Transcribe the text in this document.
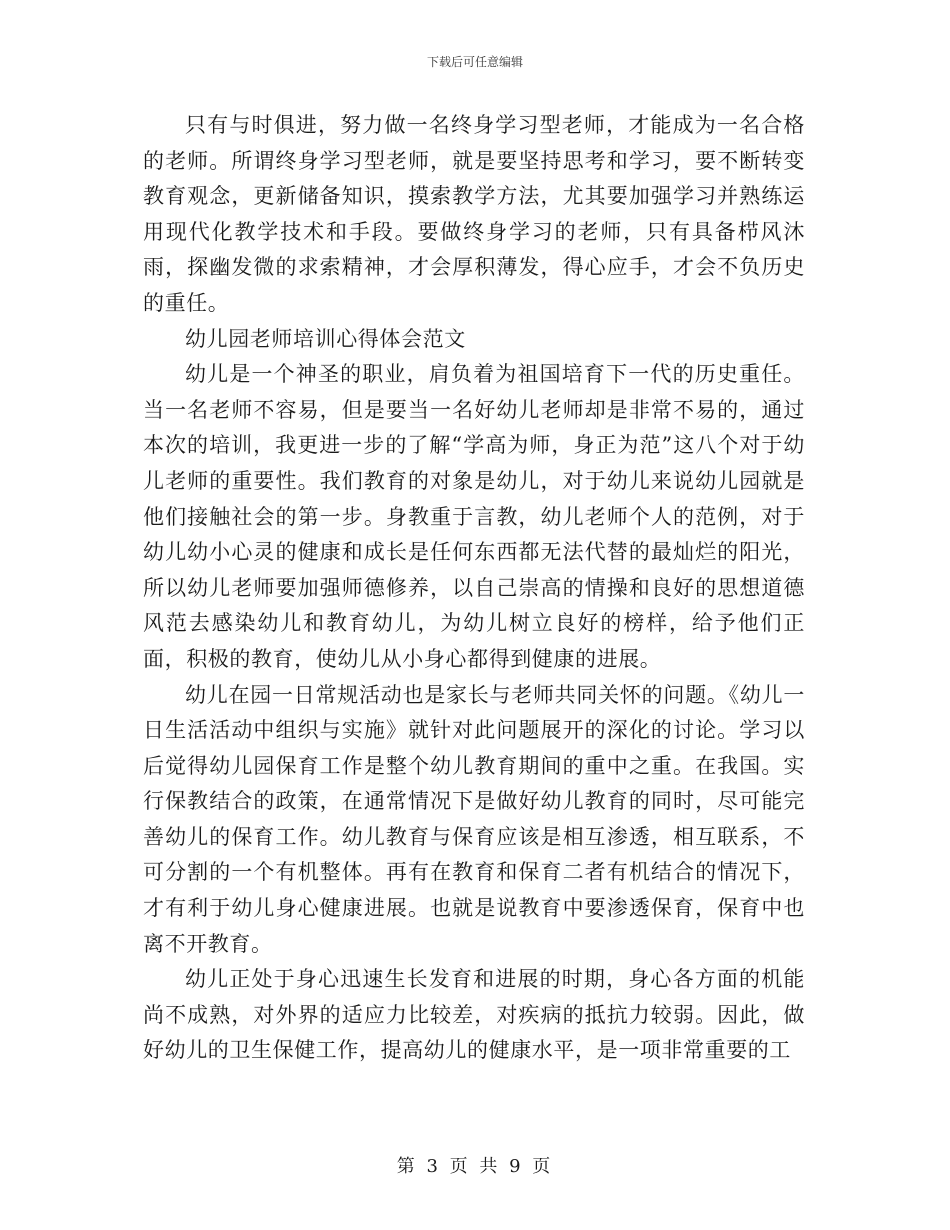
下载后可任意编辑

只有与时俱进，努力做一名终身学习型老师，才能成为一名合格的老师。所谓终身学习型老师，就是要坚持思考和学习，要不断转变教育观念，更新储备知识，摸索教学方法，尤其要加强学习并熟练运用现代化教学技术和手段。要做终身学习的老师，只有具备栉风沐雨，探幽发微的求索精神，才会厚积薄发，得心应手，才会不负历史的重任。

幼儿园老师培训心得体会范文

幼儿是一个神圣的职业，肩负着为祖国培育下一代的历史重任。当一名老师不容易，但是要当一名好幼儿老师却是非常不易的，通过本次的培训，我更进一步的了解“学高为师，身正为范”这八个对于幼儿老师的重要性。我们教育的对象是幼儿，对于幼儿来说幼儿园就是他们接触社会的第一步。身教重于言教，幼儿老师个人的范例，对于幼儿幼小心灵的健康和成长是任何东西都无法代替的最灿烂的阳光，所以幼儿老师要加强师德修养，以自己崇高的情操和良好的思想道德风范去感染幼儿和教育幼儿，为幼儿树立良好的榜样，给予他们正面，积极的教育，使幼儿从小身心都得到健康的进展。

幼儿在园一日常规活动也是家长与老师共同关怀的问题。《幼儿一日生活活动中组织与实施》就针对此问题展开的深化的讨论。学习以后觉得幼儿园保育工作是整个幼儿教育期间的重中之重。在我国。实行保教结合的政策，在通常情况下是做好幼儿教育的同时，尽可能完善幼儿的保育工作。幼儿教育与保育应该是相互渗透，相互联系，不可分割的一个有机整体。再有在教育和保育二者有机结合的情况下，才有利于幼儿身心健康进展。也就是说教育中要渗透保育，保育中也离不开教育。

幼儿正处于身心迅速生长发育和进展的时期，身心各方面的机能尚不成熟，对外界的适应力比较差，对疾病的抵抗力较弱。因此，做好幼儿的卫生保健工作，提高幼儿的健康水平，是一项非常重要的工

第 3 页 共 9 页
